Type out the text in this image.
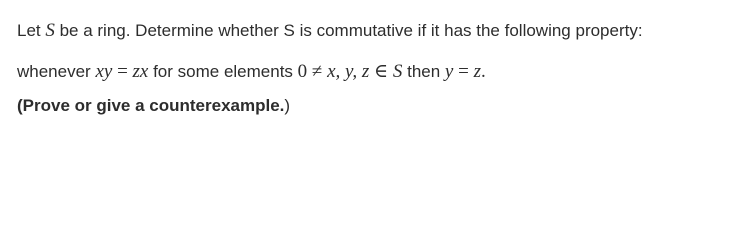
Let S be a ring. Determine whether S is commutative if it has the following property:
whenever xy = zx for some elements 0 ≠ x, y, z ∈ S then y = z.
(Prove or give a counterexample.)
